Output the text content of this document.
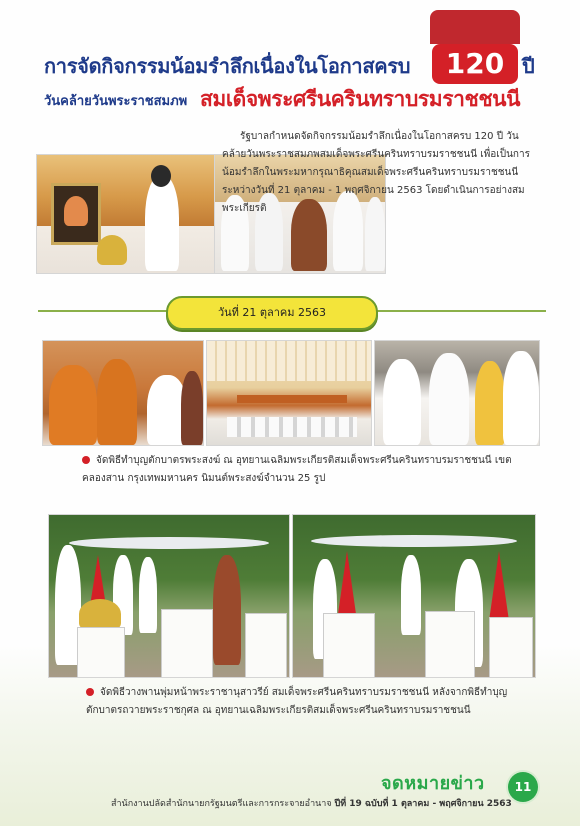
การจัดกิจกรรมน้อมรำลึกเนื่องในโอกาสครบ	120 ปี
วันคล้ายวันพระราชสมภพ สมเด็จพระศรีนครินทราบรมราชชนนี

รัฐบาลกำหนดจัดกิจกรรมน้อมรำลึกเนื่องในโอกาสครบ 120 ปี วันคล้ายวันพระราชสมภพสมเด็จพระศรีนครินทราบรมราชชนนี เพื่อเป็นการน้อมรำลึกในพระมหากรุณาธิคุณสมเด็จพระศรีนครินทราบรมราชชนนี ระหว่างวันที่ 21 ตุลาคม - 1 พฤศจิกายน 2563 โดยดำเนินการอย่างสมพระเกียรติ

วันที่ 21 ตุลาคม 2563
จัดพิธีทำบุญตักบาตรพระสงฆ์ ณ อุทยานเฉลิมพระเกียรติสมเด็จพระศรีนครินทราบรมราชชนนี เขตคลองสาน กรุงเทพมหานคร นิมนต์พระสงฆ์จำนวน 25 รูป
จัดพิธีวางพานพุ่มหน้าพระราชานุสาวรีย์ สมเด็จพระศรีนครินทราบรมราชชนนี หลังจากพิธีทำบุญตักบาตรถวายพระราชกุศล ณ อุทยานเฉลิมพระเกียรติสมเด็จพระศรีนครินทราบรมราชชนนี
จดหมายข่าว	11
สำนักงานปลัดสำนักนายกรัฐมนตรีและการกระจายอำนาจ ปีที่ 19 ฉบับที่ 1 ตุลาคม - พฤศจิกายน 2563
